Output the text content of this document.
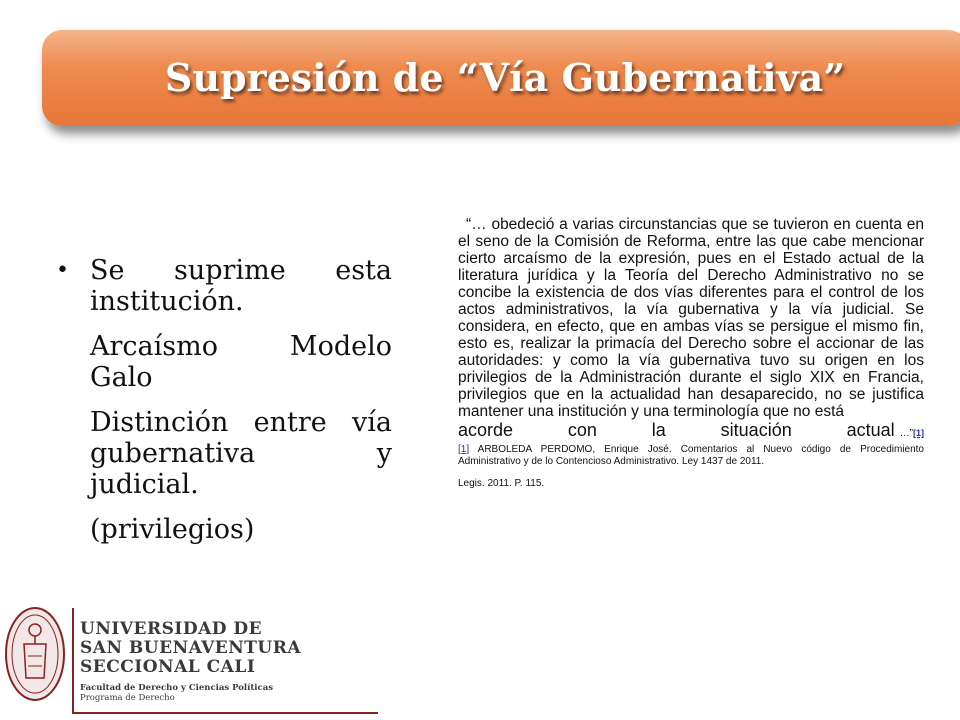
Supresión de “Vía Gubernativa”

• Se suprime esta institución.

Arcaísmo Modelo Galo

Distinción entre vía gubernativa y judicial.

(privilegios)

“… obedeció a varias circunstancias que se tuvieron en cuenta en el seno de la Comisión de Reforma, entre las que cabe mencionar cierto arcaísmo de la expresión, pues en el Estado actual de la literatura jurídica y la Teoría del Derecho Administrativo no se concibe la existencia de dos vías diferentes para el control de los actos administrativos, la vía gubernativa y la vía judicial. Se considera, en efecto, que en ambas vías se persigue el mismo fin, esto es, realizar la primacía del Derecho sobre el accionar de las autoridades: y como la vía gubernativa tuvo su origen en los privilegios de la Administración durante el siglo XIX en Francia, privilegios que en la actualidad han desaparecido, no se justifica mantener una institución y una terminología que no está

acorde	con	la	situación	actual …”[1]

[1] ARBOLEDA PERDOMO, Enrique José. Comentarios al Nuevo código de Procedimiento Administrativo y de lo Contencioso Administrativo. Ley 1437 de 2011.

Legis. 2011. P. 115.

UNIVERSIDAD DE
SAN BUENAVENTURA
SECCIONAL CALI
Facultad de Derecho y Ciencias Políticas
Programa de Derecho
